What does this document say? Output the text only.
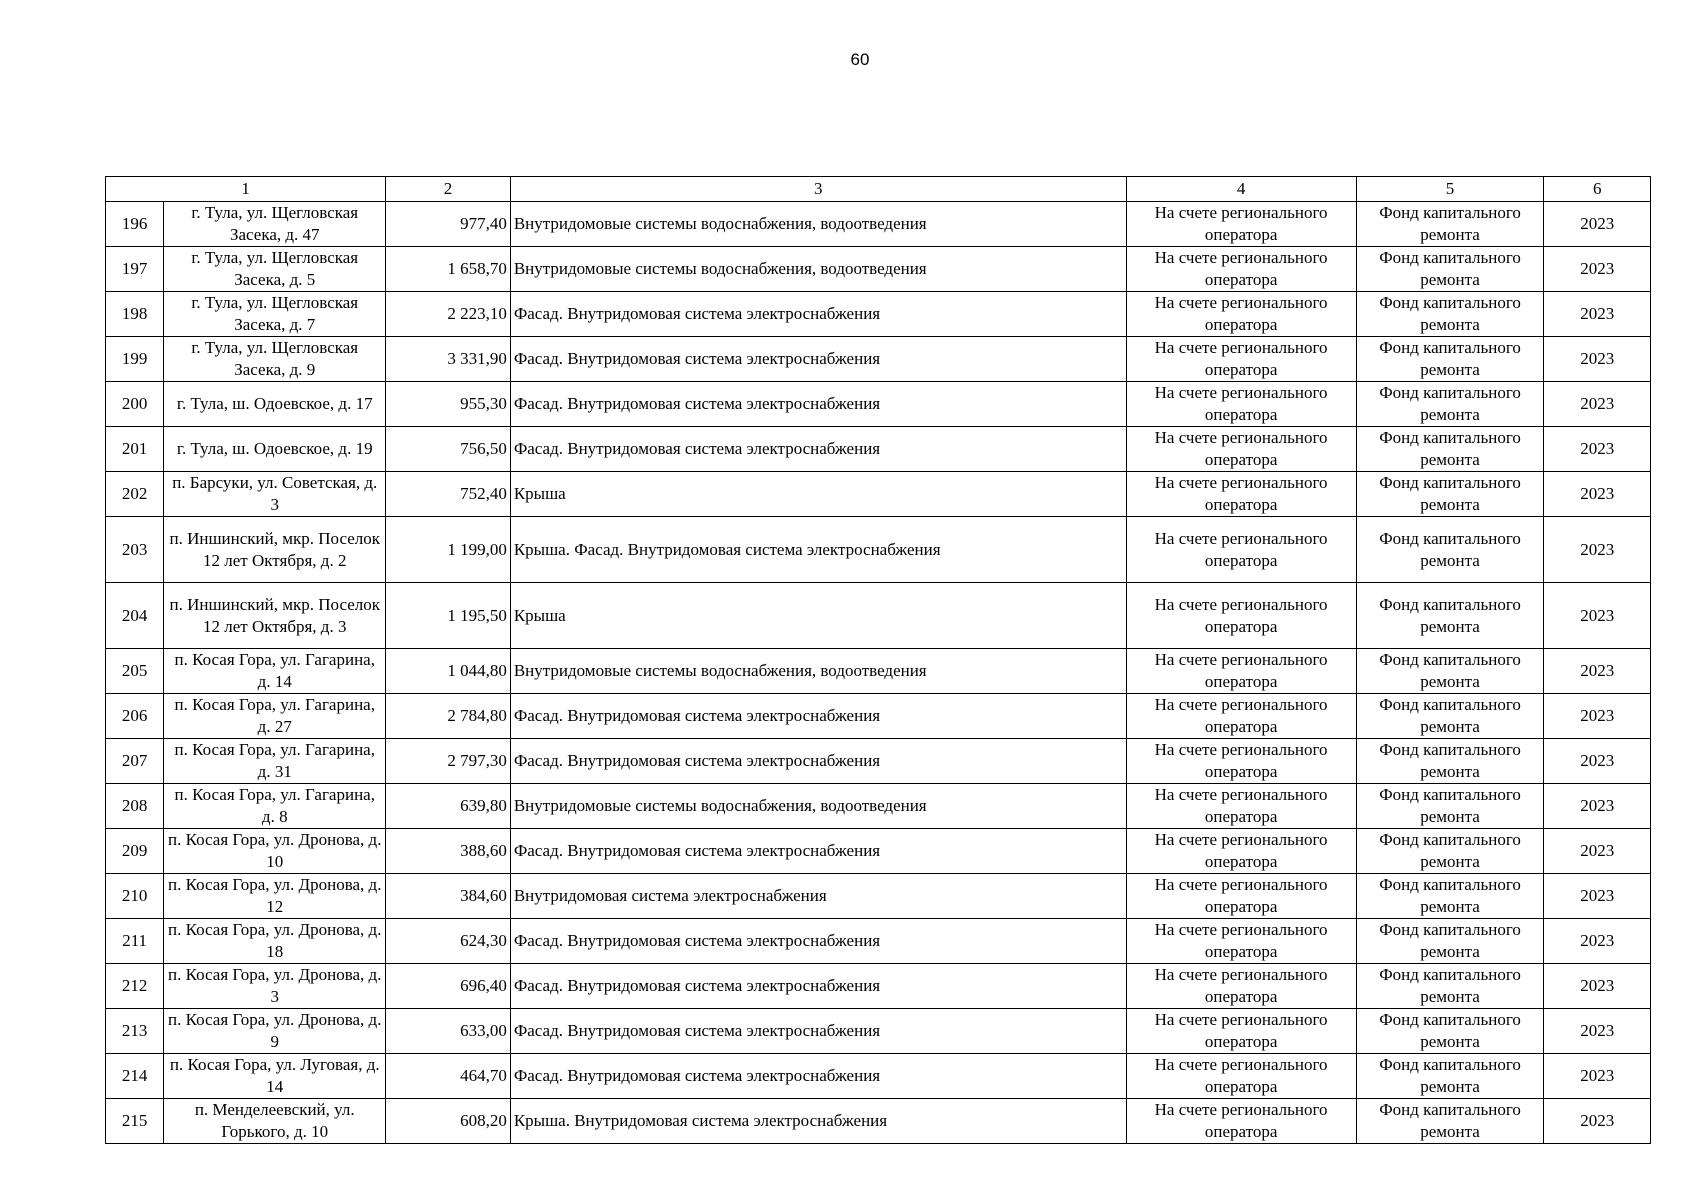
60
1		2	3	4	5	6
196	г. Тула, ул. Щегловская Засека, д. 47	977,40	Внутридомовые системы водоснабжения, водоотведения	На счете регионального оператора	Фонд капитального ремонта	2023
197	г. Тула, ул. Щегловская Засека, д. 5	1 658,70	Внутридомовые системы водоснабжения, водоотведения	На счете регионального оператора	Фонд капитального ремонта	2023
198	г. Тула, ул. Щегловская Засека, д. 7	2 223,10	Фасад. Внутридомовая система электроснабжения	На счете регионального оператора	Фонд капитального ремонта	2023
199	г. Тула, ул. Щегловская Засека, д. 9	3 331,90	Фасад. Внутридомовая система электроснабжения	На счете регионального оператора	Фонд капитального ремонта	2023
200	г. Тула, ш. Одоевское, д. 17	955,30	Фасад. Внутридомовая система электроснабжения	На счете регионального оператора	Фонд капитального ремонта	2023
201	г. Тула, ш. Одоевское, д. 19	756,50	Фасад. Внутридомовая система электроснабжения	На счете регионального оператора	Фонд капитального ремонта	2023
202	п. Барсуки, ул. Советская, д. 3	752,40	Крыша	На счете регионального оператора	Фонд капитального ремонта	2023
203	п. Иншинский, мкр. Поселок 12 лет Октября, д. 2	1 199,00	Крыша. Фасад. Внутридомовая система электроснабжения	На счете регионального оператора	Фонд капитального ремонта	2023
204	п. Иншинский, мкр. Поселок 12 лет Октября, д. 3	1 195,50	Крыша	На счете регионального оператора	Фонд капитального ремонта	2023
205	п. Косая Гора, ул. Гагарина, д. 14	1 044,80	Внутридомовые системы водоснабжения, водоотведения	На счете регионального оператора	Фонд капитального ремонта	2023
206	п. Косая Гора, ул. Гагарина, д. 27	2 784,80	Фасад. Внутридомовая система электроснабжения	На счете регионального оператора	Фонд капитального ремонта	2023
207	п. Косая Гора, ул. Гагарина, д. 31	2 797,30	Фасад. Внутридомовая система электроснабжения	На счете регионального оператора	Фонд капитального ремонта	2023
208	п. Косая Гора, ул. Гагарина, д. 8	639,80	Внутридомовые системы водоснабжения, водоотведения	На счете регионального оператора	Фонд капитального ремонта	2023
209	п. Косая Гора, ул. Дронова, д. 10	388,60	Фасад. Внутридомовая система электроснабжения	На счете регионального оператора	Фонд капитального ремонта	2023
210	п. Косая Гора, ул. Дронова, д. 12	384,60	Внутридомовая система электроснабжения	На счете регионального оператора	Фонд капитального ремонта	2023
211	п. Косая Гора, ул. Дронова, д. 18	624,30	Фасад. Внутридомовая система электроснабжения	На счете регионального оператора	Фонд капитального ремонта	2023
212	п. Косая Гора, ул. Дронова, д. 3	696,40	Фасад. Внутридомовая система электроснабжения	На счете регионального оператора	Фонд капитального ремонта	2023
213	п. Косая Гора, ул. Дронова, д. 9	633,00	Фасад. Внутридомовая система электроснабжения	На счете регионального оператора	Фонд капитального ремонта	2023
214	п. Косая Гора, ул. Луговая, д. 14	464,70	Фасад. Внутридомовая система электроснабжения	На счете регионального оператора	Фонд капитального ремонта	2023
215	п. Менделеевский, ул. Горького, д. 10	608,20	Крыша. Внутридомовая система электроснабжения	На счете регионального оператора	Фонд капитального ремонта	2023
